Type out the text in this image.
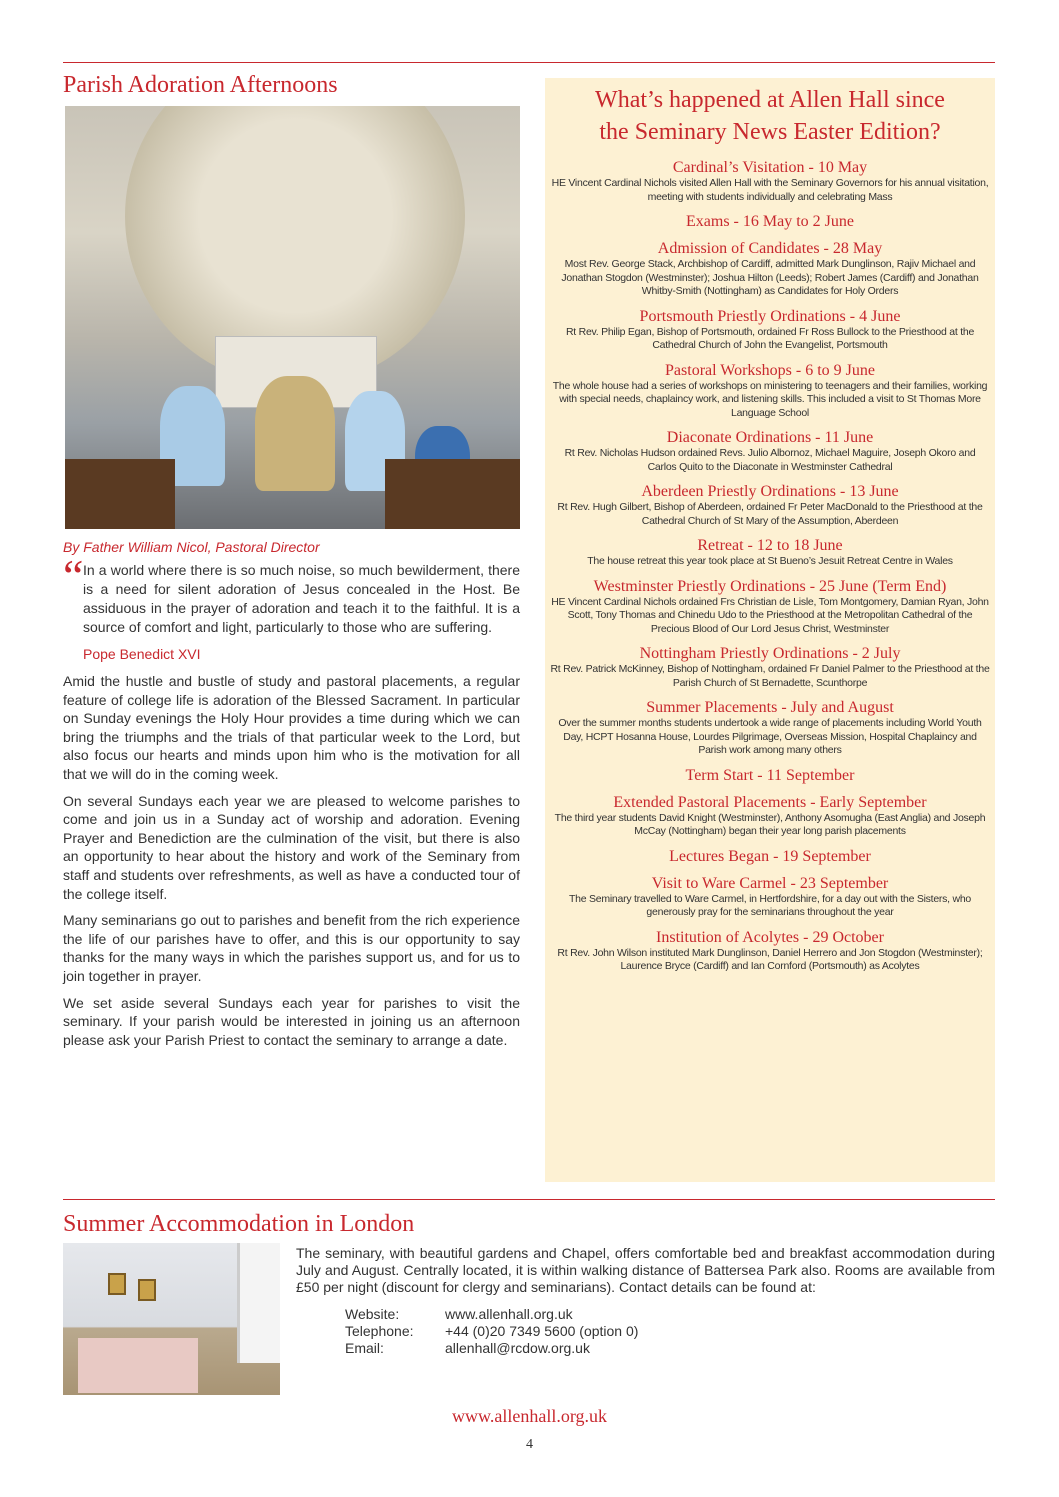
Parish Adoration Afternoons
By Father William Nicol, Pastoral Director
“ In a world where there is so much noise, so much bewilderment, there is a need for silent adoration of Jesus concealed in the Host. Be assiduous in the prayer of adoration and teach it to the faithful. It is a source of comfort and light, particularly to those who are suffering.
Pope Benedict XVI

Amid the hustle and bustle of study and pastoral placements, a regular feature of college life is adoration of the Blessed Sacrament. In particular on Sunday evenings the Holy Hour provides a time during which we can bring the triumphs and the trials of that particular week to the Lord, but also focus our hearts and minds upon him who is the motivation for all that we will do in the coming week.

On several Sundays each year we are pleased to welcome parishes to come and join us in a Sunday act of worship and adoration. Evening Prayer and Benediction are the culmination of the visit, but there is also an opportunity to hear about the history and work of the Seminary from staff and students over refreshments, as well as have a conducted tour of the college itself.

Many seminarians go out to parishes and benefit from the rich experience the life of our parishes have to offer, and this is our opportunity to say thanks for the many ways in which the parishes support us, and for us to join together in prayer.

We set aside several Sundays each year for parishes to visit the seminary. If your parish would be interested in joining us an afternoon please ask your Parish Priest to contact the seminary to arrange a date.

What’s happened at Allen Hall since
the Seminary News Easter Edition?
Cardinal’s Visitation - 10 May

HE Vincent Cardinal Nichols visited Allen Hall with the Seminary Governors for his annual visitation, meeting with students individually and celebrating Mass

Exams - 16 May to 2 June
Admission of Candidates - 28 May

Most Rev. George Stack, Archbishop of Cardiff, admitted Mark Dunglinson, Rajiv Michael and Jonathan Stogdon (Westminster); Joshua Hilton (Leeds); Robert James (Cardiff) and Jonathan Whitby-Smith (Nottingham) as Candidates for Holy Orders

Portsmouth Priestly Ordinations - 4 June

Rt Rev. Philip Egan, Bishop of Portsmouth, ordained Fr Ross Bullock to the Priesthood at the Cathedral Church of John the Evangelist, Portsmouth

Pastoral Workshops - 6 to 9 June

The whole house had a series of workshops on ministering to teenagers and their families, working with special needs, chaplaincy work, and listening skills. This included a visit to St Thomas More Language School

Diaconate Ordinations - 11 June

Rt Rev. Nicholas Hudson ordained Revs. Julio Albornoz, Michael Maguire, Joseph Okoro and Carlos Quito to the Diaconate in Westminster Cathedral

Aberdeen Priestly Ordinations - 13 June

Rt Rev. Hugh Gilbert, Bishop of Aberdeen, ordained Fr Peter MacDonald to the Priesthood at the Cathedral Church of St Mary of the Assumption, Aberdeen

Retreat - 12 to 18 June

The house retreat this year took place at St Bueno’s Jesuit Retreat Centre in Wales

Westminster Priestly Ordinations - 25 June (Term End)

HE Vincent Cardinal Nichols ordained Frs Christian de Lisle, Tom Montgomery, Damian Ryan, John Scott, Tony Thomas and Chinedu Udo to the Priesthood at the Metropolitan Cathedral of the Precious Blood of Our Lord Jesus Christ, Westminster

Nottingham Priestly Ordinations - 2 July

Rt Rev. Patrick McKinney, Bishop of Nottingham, ordained Fr Daniel Palmer to the Priesthood at the Parish Church of St Bernadette, Scunthorpe

Summer Placements - July and August

Over the summer months students undertook a wide range of placements including World Youth Day, HCPT Hosanna House, Lourdes Pilgrimage, Overseas Mission, Hospital Chaplaincy and Parish work among many others

Term Start - 11 September
Extended Pastoral Placements - Early September

The third year students David Knight (Westminster), Anthony Asomugha (East Anglia) and Joseph McCay (Nottingham) began their year long parish placements

Lectures Began - 19 September
Visit to Ware Carmel - 23 September

The Seminary travelled to Ware Carmel, in Hertfordshire, for a day out with the Sisters, who generously pray for the seminarians throughout the year

Institution of Acolytes - 29 October

Rt Rev. John Wilson instituted Mark Dunglinson, Daniel Herrero and Jon Stogdon (Westminster); Laurence Bryce (Cardiff) and Ian Cornford (Portsmouth) as Acolytes

Summer Accommodation in London
The seminary, with beautiful gardens and Chapel, offers comfortable bed and breakfast accommodation during July and August. Centrally located, it is within walking distance of Battersea Park also. Rooms are available from £50 per night (discount for clergy and seminarians). Contact details can be found at:
Website:	www.allenhall.org.uk
Telephone: +44 (0)20 7349 5600 (option 0)
Email:	allenhall@rcdow.org.uk
www.allenhall.org.uk
4
